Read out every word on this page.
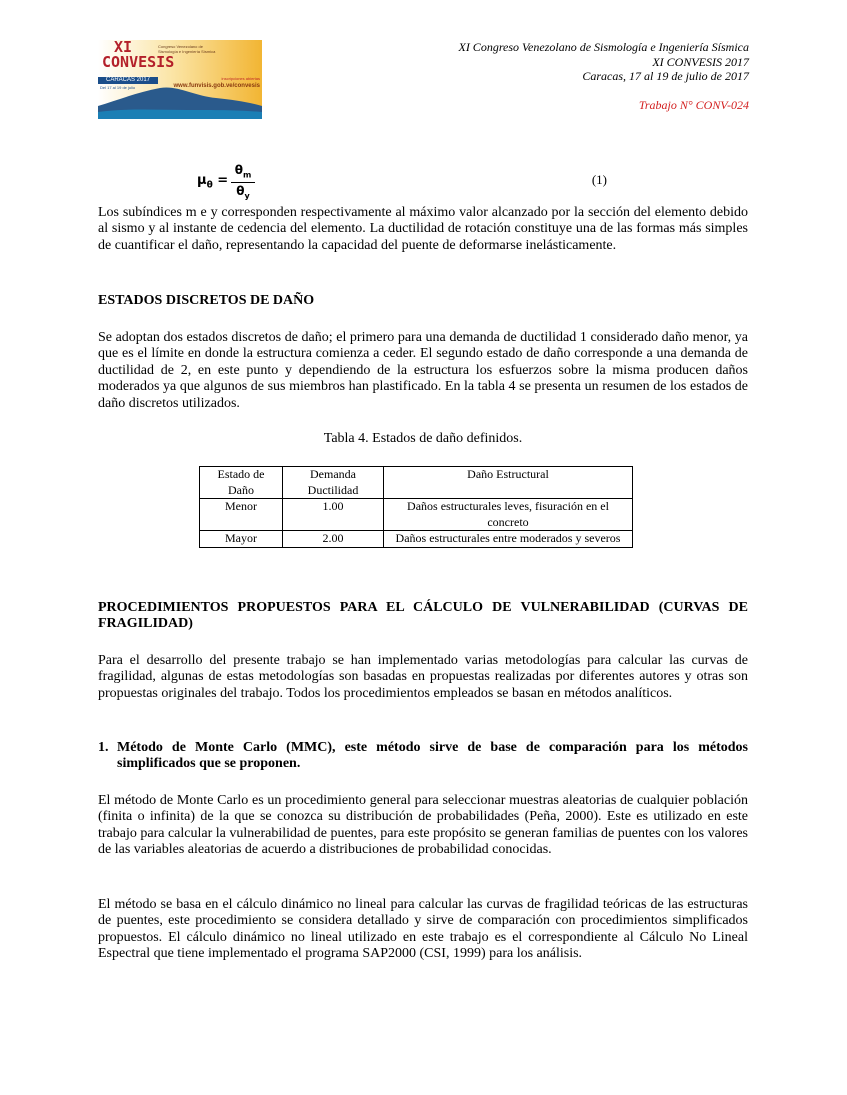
XI
CONVESIS
Congreso Venezolano de Sismología e Ingeniería Sísmica
CARACAS 2017
Del 17 al 19 de julio
inscripciones abiertas
www.funvisis.gob.ve/convesis
XI Congreso Venezolano de Sismología e Ingeniería Sísmica
XI CONVESIS 2017
Caracas, 17 al 19 de julio de 2017
Trabajo N° CONV-024
$\mu_\theta = \frac{\theta_m}{\theta_y}$	(1)
Los subíndices m e y corresponden respectivamente al máximo valor alcanzado por la sección del elemento debido al sismo y al instante de cedencia del elemento. La ductilidad de rotación constituye una de las formas más simples de cuantificar el daño, representando la capacidad del puente de deformarse inelásticamente.
ESTADOS DISCRETOS DE DAÑO
Se adoptan dos estados discretos de daño; el primero para una demanda de ductilidad 1 considerado daño menor, ya que es el límite en donde la estructura comienza a ceder. El segundo estado de daño corresponde a una demanda de ductilidad de 2, en este punto y dependiendo de la estructura los esfuerzos sobre la misma producen daños moderados ya que algunos de sus miembros han plastificado. En la tabla 4 se presenta un resumen de los estados de daño discretos utilizados.
Tabla 4. Estados de daño definidos.
Estado de Daño	Demanda Ductilidad	Daño Estructural
Menor	1.00	Daños estructurales leves, fisuración en el concreto
Mayor	2.00	Daños estructurales entre moderados y severos
PROCEDIMIENTOS PROPUESTOS PARA EL CÁLCULO DE VULNERABILIDAD (CURVAS DE FRAGILIDAD)
Para el desarrollo del presente trabajo se han implementado varias metodologías para calcular las curvas de fragilidad, algunas de estas metodologías son basadas en propuestas realizadas por diferentes autores y otras son propuestas originales del trabajo. Todos los procedimientos empleados se basan en métodos analíticos.
1. Método de Monte Carlo (MMC), este método sirve de base de comparación para los métodos simplificados que se proponen.
El método de Monte Carlo es un procedimiento general para seleccionar muestras aleatorias de cualquier población (finita o infinita) de la que se conozca su distribución de probabilidades (Peña, 2000). Este es utilizado en este trabajo para calcular la vulnerabilidad de puentes, para este propósito se generan familias de puentes con los valores de las variables aleatorias de acuerdo a distribuciones de probabilidad conocidas.
El método se basa en el cálculo dinámico no lineal para calcular las curvas de fragilidad teóricas de las estructuras de puentes, este procedimiento se considera detallado y sirve de comparación con procedimientos simplificados propuestos. El cálculo dinámico no lineal utilizado en este trabajo es el correspondiente al Cálculo No Lineal Espectral que tiene implementado el programa SAP2000 (CSI, 1999) para los análisis.
